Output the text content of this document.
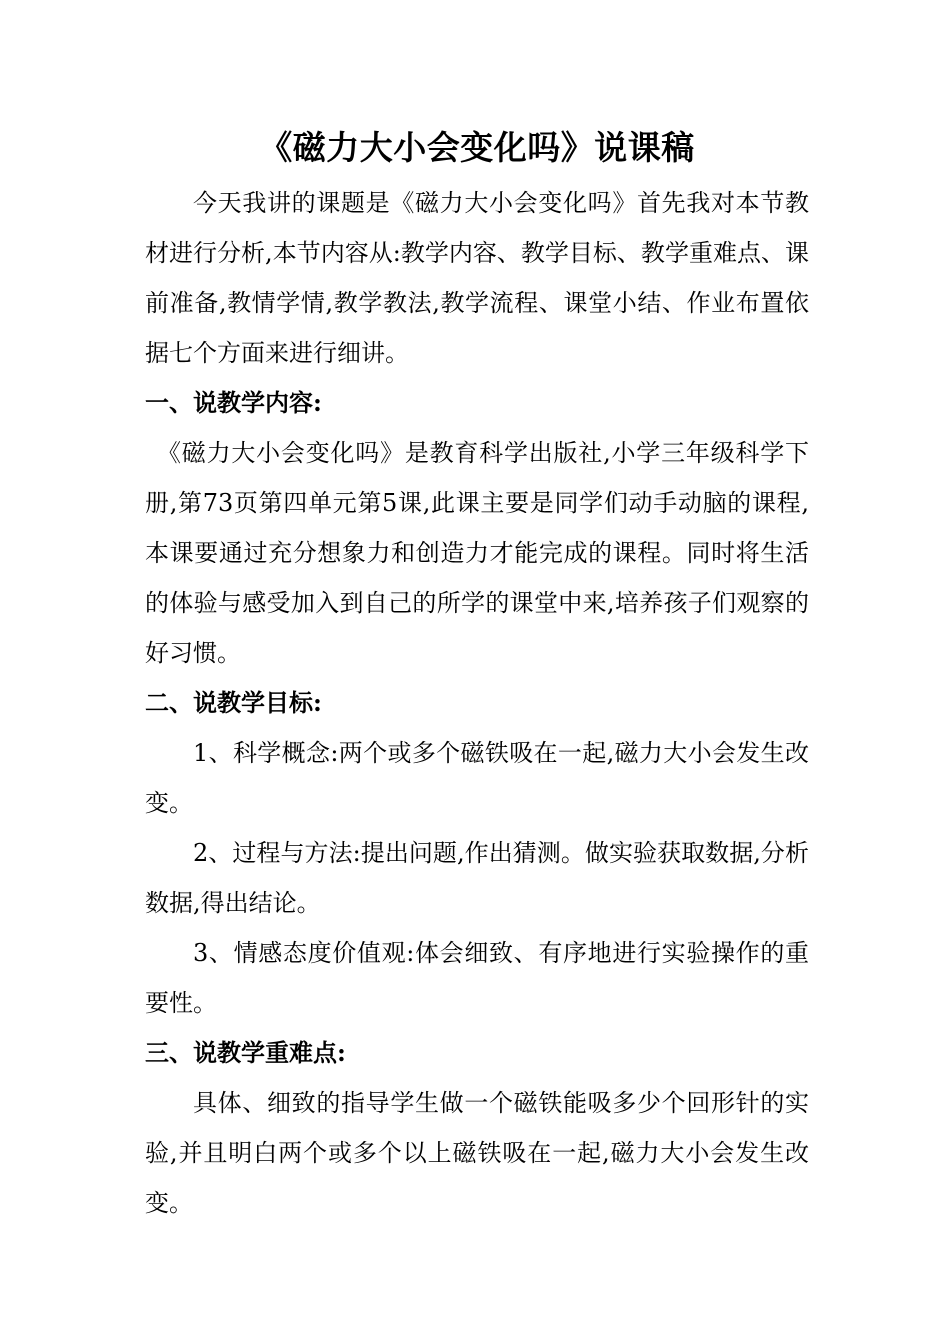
《磁力大小会变化吗》说课稿

今天我讲的课题是《磁力大小会变化吗》首先我对本节教材进行分析,本节内容从:教学内容、教学目标、教学重难点、课前准备,教情学情,教学教法,教学流程、课堂小结、作业布置依据七个方面来进行细讲。

一、说教学内容:

《磁力大小会变化吗》是教育科学出版社,小学三年级科学下册,第73页第四单元第5课,此课主要是同学们动手动脑的课程,本课要通过充分想象力和创造力才能完成的课程。同时将生活的体验与感受加入到自己的所学的课堂中来,培养孩子们观察的好习惯。

二、说教学目标:

1、科学概念:两个或多个磁铁吸在一起,磁力大小会发生改变。

2、过程与方法:提出问题,作出猜测。做实验获取数据,分析数据,得出结论。

3、情感态度价值观:体会细致、有序地进行实验操作的重要性。

三、说教学重难点:

具体、细致的指导学生做一个磁铁能吸多少个回形针的实验,并且明白两个或多个以上磁铁吸在一起,磁力大小会发生改变。
